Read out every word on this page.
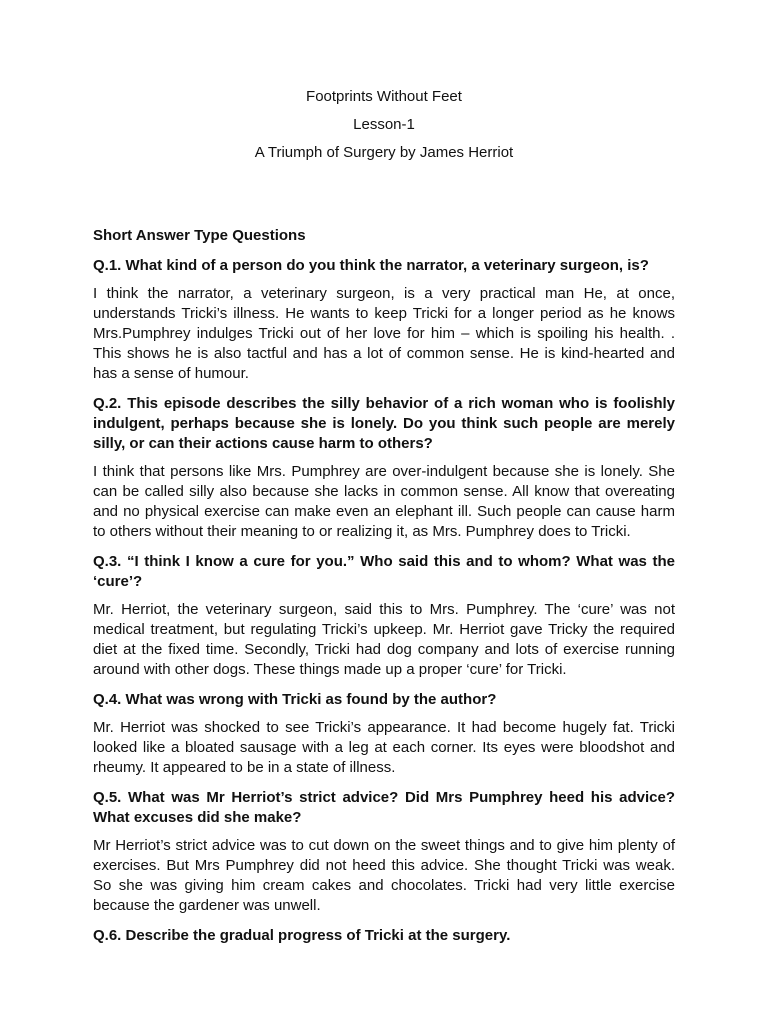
Footprints Without Feet
Lesson-1
A Triumph of Surgery by James Herriot
Short Answer Type Questions
Q.1. What kind of a person do you think the narrator, a veterinary surgeon, is?
I think the narrator, a veterinary surgeon, is a very practical man He, at once, understands Tricki’s illness. He wants to keep Tricki for a longer period as he knows Mrs.Pumphrey indulges Tricki out of her love for him – which is spoiling his health. . This shows he is also tactful and has a lot of common sense. He is kind-hearted and has a sense of humour.
Q.2. This episode describes the silly behavior of a rich woman who is foolishly indulgent, perhaps because she is lonely. Do you think such people are merely silly, or can their actions cause harm to others?
I think that persons like Mrs. Pumphrey are over-indulgent because she is lonely. She can be called silly also because she lacks in common sense. All know that overeating and no physical exercise can make even an elephant ill. Such people can cause harm to others without their meaning to or realizing it, as Mrs. Pumphrey does to Tricki.
Q.3. “I think I know a cure for you.” Who said this and to whom? What was the ‘cure’?
Mr. Herriot, the veterinary surgeon, said this to Mrs. Pumphrey. The ‘cure’ was not medical treatment, but regulating Tricki’s upkeep. Mr. Herriot gave Tricky the required diet at the fixed time. Secondly, Tricki had dog company and lots of exercise running around with other dogs. These things made up a proper ‘cure’ for Tricki.
Q.4. What was wrong with Tricki as found by the author?
Mr. Herriot was shocked to see Tricki’s appearance. It had become hugely fat. Tricki looked like a bloated sausage with a leg at each corner. Its eyes were bloodshot and rheumy. It appeared to be in a state of illness.
Q.5. What was Mr Herriot’s strict advice? Did Mrs Pumphrey heed his advice? What excuses did she make?
Mr Herriot’s strict advice was to cut down on the sweet things and to give him plenty of exercises. But Mrs Pumphrey did not heed this advice. She thought Tricki was weak. So she was giving him cream cakes and chocolates. Tricki had very little exercise because the gardener was unwell.
Q.6. Describe the gradual progress of Tricki at the surgery.
